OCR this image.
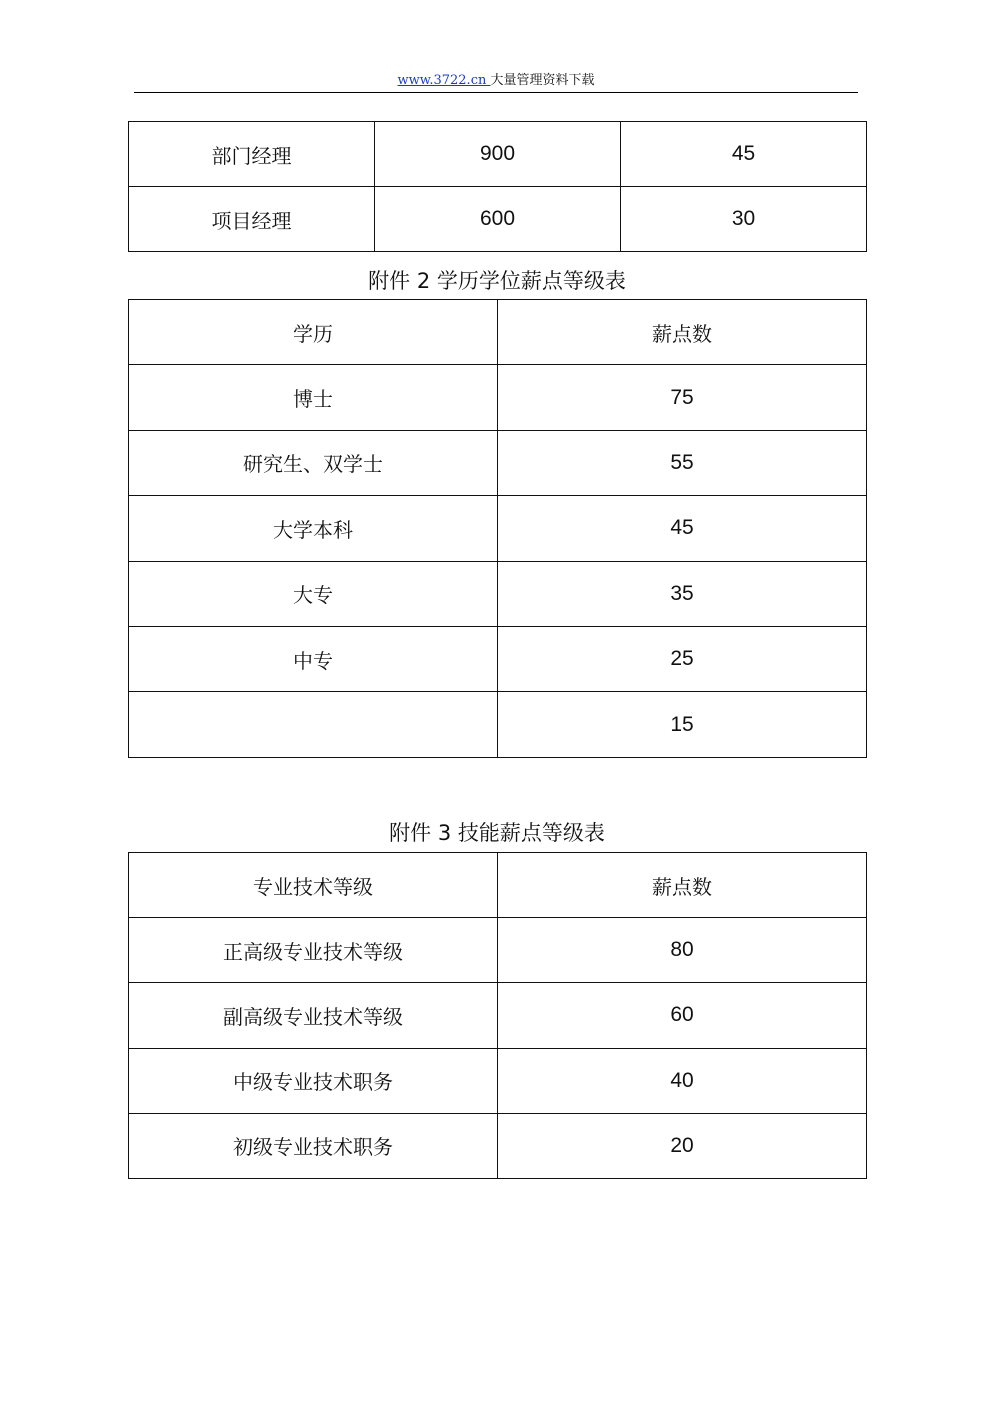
www.3722.cn 大量管理资料下载
部门经理	900	45
项目经理	600	30
附件 2 学历学位薪点等级表
学历	薪点数
博士	75
研究生、双学士	55
大学本科	45
大专	35
中专	25
	15
附件 3 技能薪点等级表
专业技术等级	薪点数
正高级专业技术等级	80
副高级专业技术等级	60
中级专业技术职务	40
初级专业技术职务	20
